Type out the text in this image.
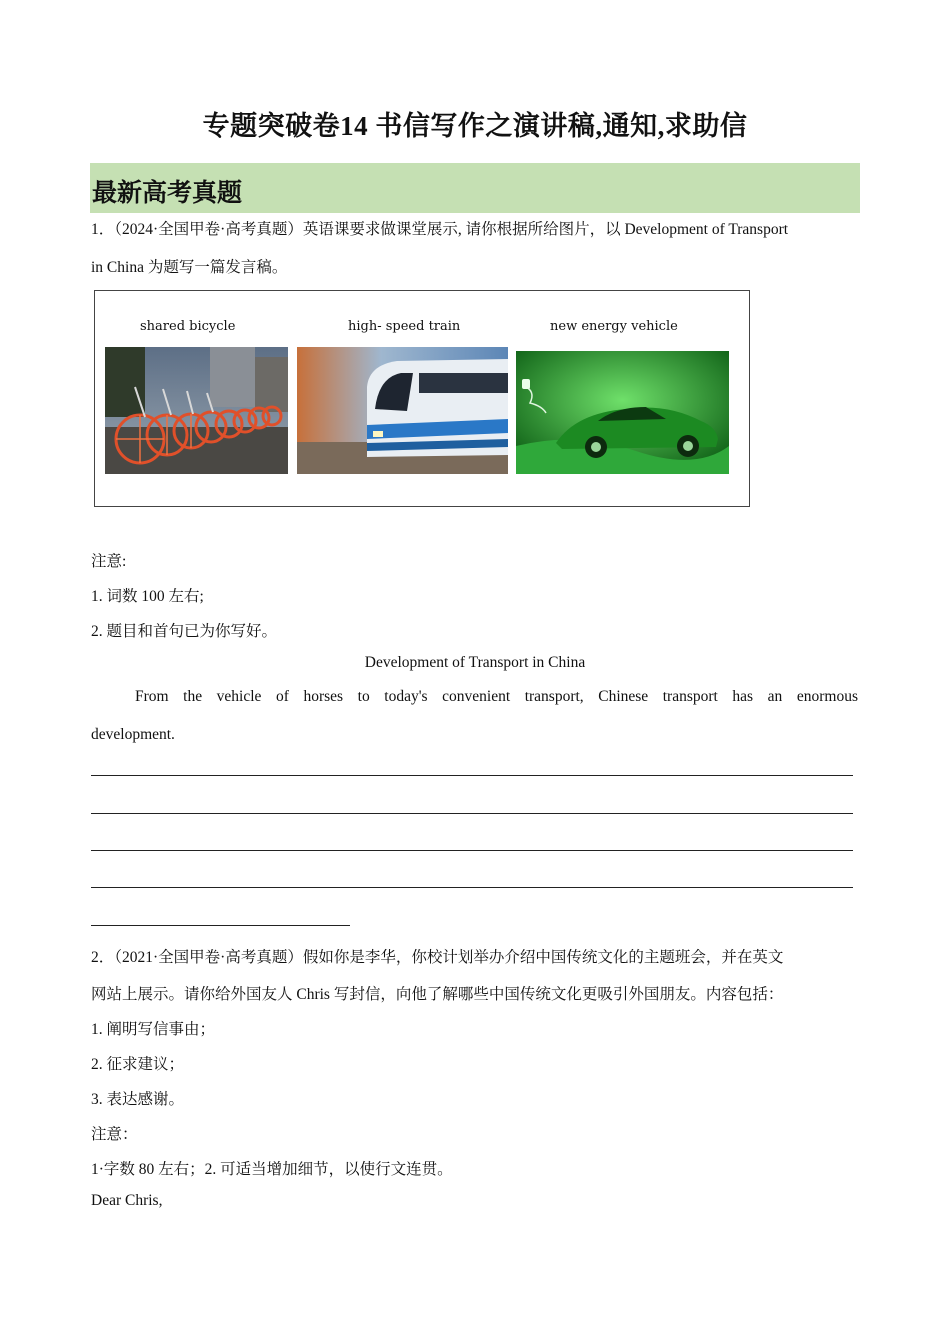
专题突破卷14 书信写作之演讲稿,通知,求助信
最新高考真题
1．（2024·全国甲卷·高考真题）英语课要求做课堂展示, 请你根据所给图片，以 Development of Transport
in China 为题写一篇发言稿。
shared bicycle	high- speed train	new energy vehicle
注意:
1. 词数 100 左右;
2. 题目和首句已为你写好。
Development of Transport in China
From the vehicle of horses to today's convenient transport, Chinese transport has an enormous
development.
2．（2021·全国甲卷·高考真题）假如你是李华，你校计划举办介绍中国传统文化的主题班会，并在英文
网站上展示。请你给外国友人 Chris 写封信，向他了解哪些中国传统文化更吸引外国朋友。内容包括：
1. 阐明写信事由；
2. 征求建议；
3. 表达感谢。
注意：
1·字数 80 左右；2. 可适当增加细节，以使行文连贯。
Dear Chris,
